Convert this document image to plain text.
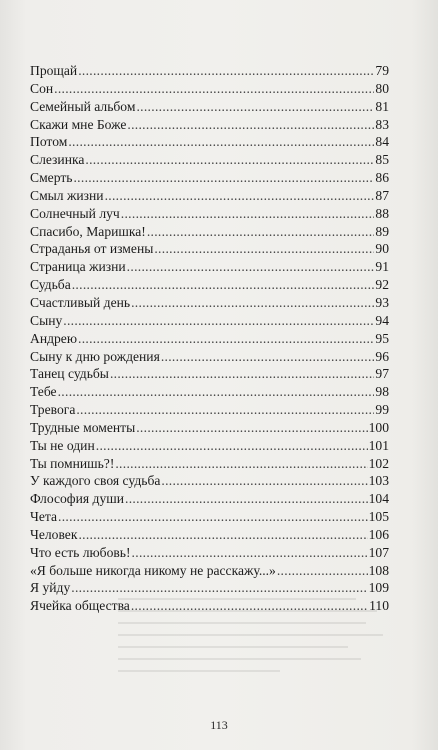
Прощай .....	79
Сон .....	80
Семейный альбом .....	81
Скажи мне Боже .....	83
Потом .....	84
Слезинка .....	85
Смерть .....	86
Смыл жизни .....	87
Солнечный луч .....	88
Спасибо, Маришка! .....	89
Страданья от измены .....	90
Страница жизни .....	91
Судьба .....	92
Счастливый день .....	93
Сыну .....	94
Андрею .....	95
Сыну к дню рождения .....	96
Танец судьбы .....	97
Тебе .....	98
Тревога .....	99
Трудные моменты .....	100
Ты не один .....	101
Ты помнишь?! .....	102
У каждого своя судьба .....	103
Флософия души .....	104
Чета .....	105
Человек .....	106
Что есть любовь! .....	107
«Я больше никогда никому не расскажу...» .....	108
Я уйду .....	109
Ячейка общества .....	110
113
